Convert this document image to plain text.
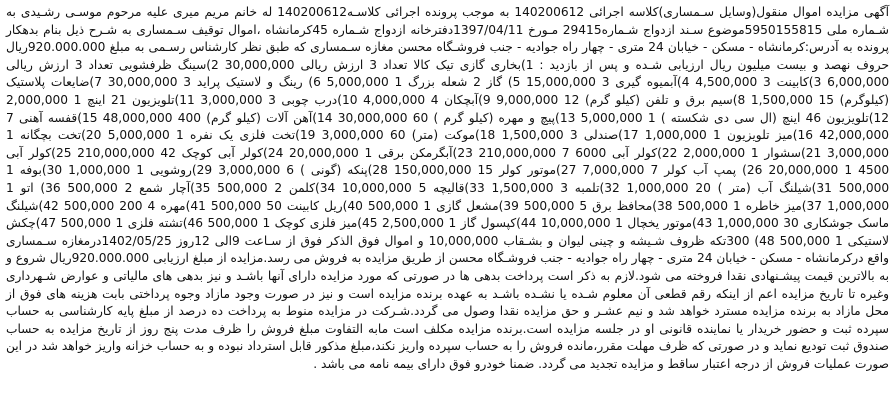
آگهی مزایده اموال منقول(وسایل سـمساری)کلاسه اجرائی 140200612 به موجب پرونده اجرائی کلاسـه140200612 له خانم مریم میری علیه مرحوم موسـی رشـیدی به شـماره ملی 5950155815موضوع سـند ازدواج شـماره29415 مـورخ 1397/04/11دفترخانه ازدواج شـماره 45کرمانشاه ،اموال توقیف سـمساری به شـرح ذیل بنام بدهکار پرونده به آدرس:کرمانشاه - مسکن - خیابان 24 متری - چهار راه جوادیه - جنب فروشـگاه محسن مغازه سـمساری که طبق نظر کارشناس رسـمی به مبلغ 920.000.000ریال حروف نهصد و بیست میلیون ریال ارزیابی شـده و پس از بازدید : 1)بخاری گازی تیک کالا تعداد 3 ارزش ریالی 30,000,000 2)سینگ ظرفشویی تعداد 3 ارزش ریالی 6,000,000 3)کابینت 3 4,500,000 4)آبمیوه گیری 3 15,000,000 5) گاز 2 شعله بزرگ 1 5,000,000 6) رینگ و لاستیک پراید 3 30,000,000 7)ضایعات پلاستیک (کیلوگرم) 15 1,500,000 8)سیم برق و تلفن (کیلو گرم) 12 9,000,000 9)آبچکان 4 4,000,000 10)درب چوبی 3 3,000,000 11)تلویزیون 21 اینچ 1 2,000,000 12)تلویزیون 46 اینچ (ال سی دی شکسته ) 1 5,000,000 13)پیچ و مهره (کیلو گرم ) 60 30,000,000 14)آهن آلات (کیلو گرم) 400 48,000,000 15)قفسه آهنی 7 42,000,000 16)میز تلویزیون 1 1,000,000 17)صندلی 3 1,500,000 18)موکت (متر) 60 3,000,000 19)تخت فلزی یک نفره 1 5,000,000 20)تخت بچگانه 1 3,000,000 21)سشوار 1 2,000,000 22)کولر آبی 6000 7 210,000,000 23)آبگرمکن برقی 1 20,000,000 24)کولر آبی کوچک 42 210,000,000 25)کولر آبی 4500 1 20,000,000 26) پمپ آب کولر 7 7,000,000 27)موتور کولر 15 150,000,000 28)پنکه (گونی ) 6 3,000,000 29)روشویی 1 1,000,000 30)بوفه 1 500,000 31)شیلنگ آب (متر ) 20 1,000,000 32)تلمبه 3 1,500,000 33)قالیچه 5 10,000,000 34)کلمن 2 500,000 35)آچار شمع 2 500,000 36) اتو 1 1,000,000 37)میز خاطره 1 500,000 38)محافظ برق 5 500,000 39)مشعل گازی 1 500,000 40)ریل کابینت 50 500,000 41)مهره 4 200 500,000 42)شیلنگ ماسک جوشکاری 30 1,000,000 43)موتور یخچال 1 10,000,000 44)کپسول گاز 1 2,500,000 45)میز فلزی کوچک 1 500,000 46)تشته فلزی 1 500,000 47)چکش لاستیکی 1 500,000 48) 300تکه ظروف شـیشه و چینی لیوان و بشـقاب 10,000,000 و اموال فوق الذکر فوق از سـاعت 9الی 12روز 1402/05/25درمغازه سـمساری واقع درکرمانشاه - مسکن - خیابان 24 متری - چهار راه جوادیه - جنب فروشـگاه محسن از طریق مزایده به فروش می رسد.مزایده از مبلغ ارزیابی 920.000.000ریال شروع و به بالاترین قیمت پیشـنهادی نقدا فروخته می شود.لازم به ذکر است پرداخت بدهی ها در صورتی که مورد مزایده دارای آنها باشـد و نیز بدهی های مالیاتی و عوارض شـهرداری وغیره تا تاریخ مزایده اعم از اینکه رقم قطعی آن معلوم شـده یا نشـده باشـد به عهده برنده مزایده است و نیز در صورت وجود مازاد وجوه پرداختی بابت هزینه های فوق از محل مازاد به برنده مزایده مسترد خواهد شد و نیم عشـر و حق مزایده نقدا وصول می گردد.شـرکت در مزایده منوط به پرداخت ده درصد از مبلغ پایه کارشناسی به حساب سپرده ثبت و حضور خریدار یا نماینده قانونی او در جلسه مزایده است.برنده مزایده مکلف است مابه التفاوت مبلغ فروش را ظرف مدت پنج روز از تاریخ مزایده به حساب صندوق ثبت تودیع نماید و در صورتی که ظرف مهلت مقرر،مانده فروش را به حساب سپرده واریز نکند،مبلغ مذکور قابل استرداد نبوده و به حساب خزانه واریز خواهد شد در این صورت عملیات فروش از درجه اعتبار ساقط و مزایده تجدید می گردد. ضمنا خودرو فوق دارای بیمه نامه می باشد .
